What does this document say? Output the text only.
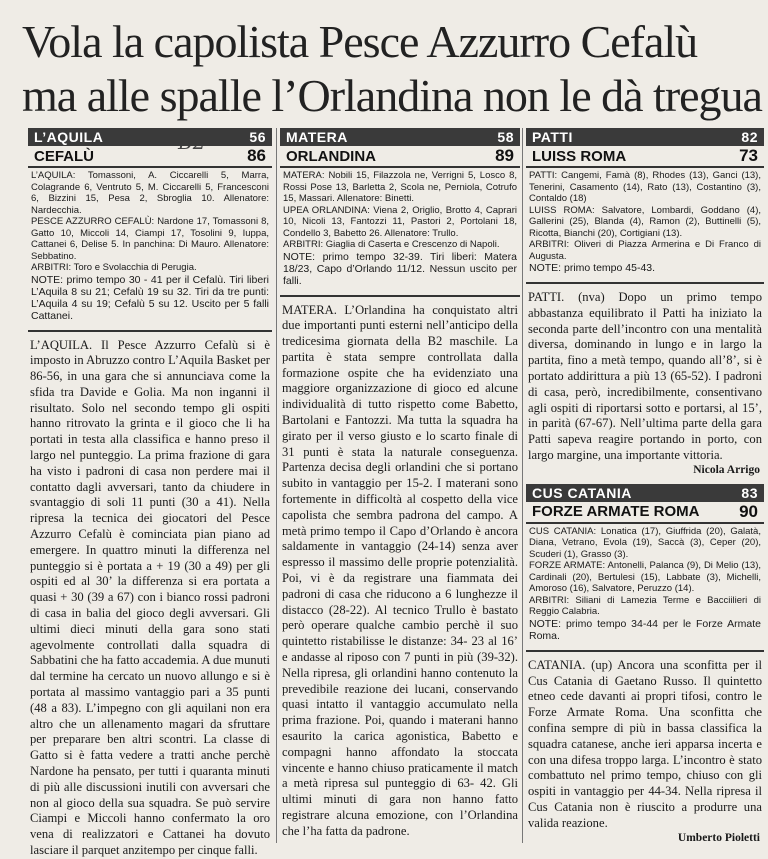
Vola la capolista Pesce Azzurro Cefalù
ma alle spalle l’Orlandina non le dà tregua
L’AQUILA	56
CEFALÙ	86

L’AQUILA: Tomassoni, A. Ciccarelli 5, Marra, Colagrande 6, Ventruto 5, M. Ciccarelli 5, Francesconi 6, Bizzini 15, Pesa 2, Sbroglia 10. Allenatore: Nardecchia.

PESCE AZZURRO CEFALÙ: Nardone 17, Tomassoni 8, Gatto 10, Miccoli 14, Ciampi 17, Tosolini 9, Iuppa, Cattanei 6, Delise 5. In panchina: Di Mauro. Allenatore: Sebbatino.

ARBITRI: Toro e Svolacchia di Perugia.

NOTE: primo tempo 30 - 41 per il Cefalù. Tiri liberi L’Aquila 8 su 21; Cefalù 19 su 32. Tiri da tre punti: L’Aquila 4 su 19; Cefalù 5 su 12. Uscito per 5 falli Cattanei.

L’AQUILA. Il Pesce Azzurro Cefalù si è imposto in Abruzzo contro L’Aquila Basket per 86-56, in una gara che si annunciava come la sfida tra Davide e Golia. Ma non inganni il risultato. Solo nel secondo tempo gli ospiti hanno ritrovato la grinta e il gioco che li ha portati in testa alla classifica e hanno preso il largo nel punteggio. La prima frazione di gara ha visto i padroni di casa non perdere mai il contatto dagli avversari, tanto da chiudere in svantaggio di soli 11 punti (30 a 41). Nella ripresa la tecnica dei giocatori del Pesce Azzurro Cefalù è cominciata pian piano ad emergere. In quattro minuti la differenza nel punteggio si è portata a + 19 (30 a 49) per gli ospiti ed al 30’ la differenza si era portata a quasi + 30 (39 a 67) con i bianco rossi padroni di casa in balia del gioco degli avversari. Gli ultimi dieci minuti della gara sono stati agevolmente controllati dalla squadra di Sabbatini che ha fatto accademia. A due munuti dal termine ha cercato un nuovo allungo e si è portata al massimo vantaggio pari a 35 punti (48 a 83). L’impegno con gli aquilani non era altro che un allenamento magari da sfruttare per preparare ben altri scontri. La classe di Gatto si è fatta vedere a tratti anche perchè Nardone ha pensato, per tutti i quaranta minuti di più alle discussioni inutili con avversari che non al gioco della sua squadra. Se può servire Ciampi e Miccoli hanno confermato la oro vena di realizzatori e Cattanei ha dovuto lasciare il parquet anzitempo per cinque falli.

MATERA	58
ORLANDINA	89

MATERA: Nobili 15, Filazzola ne, Verrigni 5, Losco 8, Rossi Pose 13, Barletta 2, Scola ne, Perniola, Cotrufo 15, Massari. Allenatore: Binetti.

UPEA ORLANDINA: Viena 2, Origlio, Brotto 4, Caprari 10, Nicoli 13, Fantozzi 11, Pastori 2, Portolani 18, Condello 3, Babetto 26. Allenatore: Trullo.

ARBITRI: Giaglia di Caserta e Crescenzo di Napoli.

NOTE: primo tempo 32-39. Tiri liberi: Matera 18/23, Capo d’Orlando 11/12. Nessun uscito per falli.

MATERA. L’Orlandina ha conquistato altri due importanti punti esterni nell’anticipo della tredicesima giornata della B2 maschile. La partita è stata sempre controllata dalla formazione ospite che ha evidenziato una maggiore organizzazione di gioco ed alcune individualità di tutto rispetto come Babetto, Bartolani e Fantozzi. Ma tutta la squadra ha girato per il verso giusto e lo scarto finale di 31 punti è stata la naturale conseguenza. Partenza decisa degli orlandini che si portano subito in vantaggio per 15-2. I materani sono fortemente in difficoltà al cospetto della vice capolista che sembra padrona del campo. A metà primo tempo il Capo d’Orlando è ancora saldamente in vantaggio (24-14) senza aver espresso il massimo delle proprie potenzialità. Poi, vi è da registrare una fiammata dei padroni di casa che riducono a 6 lunghezze il distacco (28-22). Al tecnico Trullo è bastato però operare qualche cambio perchè il suo quintetto ristabilisse le distanze: 34- 23 al 16’ e andasse al riposo con 7 punti in più (39-32). Nella ripresa, gli orlandini hanno contenuto la prevedibile reazione dei lucani, conservando quasi intatto il vantaggio accumulato nella prima frazione. Poi, quando i materani hanno esaurito la carica agonistica, Babetto e compagni hanno affondato la stoccata vincente e hanno chiuso praticamente il match a metà ripresa sul punteggio di 63- 42. Gli ultimi minuti di gara non hanno fatto registrare alcuna emozione, con l’Orlandina che l’ha fatta da padrone.

PATTI	82
LUISS ROMA	73

PATTI: Cangemi, Famà (8), Rhodes (13), Ganci (13), Tenerini, Casamento (14), Rato (13), Costantino (3), Contaldo (18)

LUISS ROMA: Salvatore, Lombardi, Goddano (4), Gallerini (25), Blanda (4), Ramon (2), Buttinelli (5), Ricotta, Bianchi (20), Cortigiani (13).

ARBITRI: Oliveri di Piazza Armerina e Di Franco di Augusta.

NOTE: primo tempo 45-43.

PATTI. (nva) Dopo un primo tempo abbastanza equilibrato il Patti ha iniziato la seconda parte dell’incontro con una mentalità diversa, dominando in lungo e in largo la partita, fino a metà tempo, quando all’8’, si è portato addirittura a più 13 (65-52). I padroni di casa, però, incredibilmente, consentivano agli ospiti di riportarsi sotto e portarsi, al 15’, in parità (67-67). Nell’ultima parte della gara Patti sapeva reagire portando in porto, con largo margine, una importante vittoria.

Nicola Arrigo
CUS CATANIA	83
FORZE ARMATE ROMA 90

CUS CATANIA: Lonatica (17), Giuffrida (20), Galatà, Diana, Vetrano, Evola (19), Saccà (3), Ceper (20), Scuderi (1), Grasso (3).

FORZE ARMATE: Antonelli, Palanca (9), Di Melio (13), Cardinali (20), Bertulesi (15), Labbate (3), Michelli, Amoroso (16), Salvatore, Peruzzo (14).

ARBITRI: Siliani di Lamezia Terme e Bacciilieri di Reggio Calabria.

NOTE: primo tempo 34-44 per le Forze Armate Roma.

CATANIA. (up) Ancora una sconfitta per il Cus Catania di Gaetano Russo. Il quintetto etneo cede davanti ai propri tifosi, contro le Forze Armate Roma. Una sconfitta che confina sempre di più in bassa classifica la squadra catanese, anche ieri apparsa incerta e con una difesa troppo larga. L’incontro è stato combattuto nel primo tempo, chiuso con gli ospiti in vantaggio per 44-34. Nella ripresa il Cus Catania non è riuscito a produrre una valida reazione.

Umberto Pioletti
